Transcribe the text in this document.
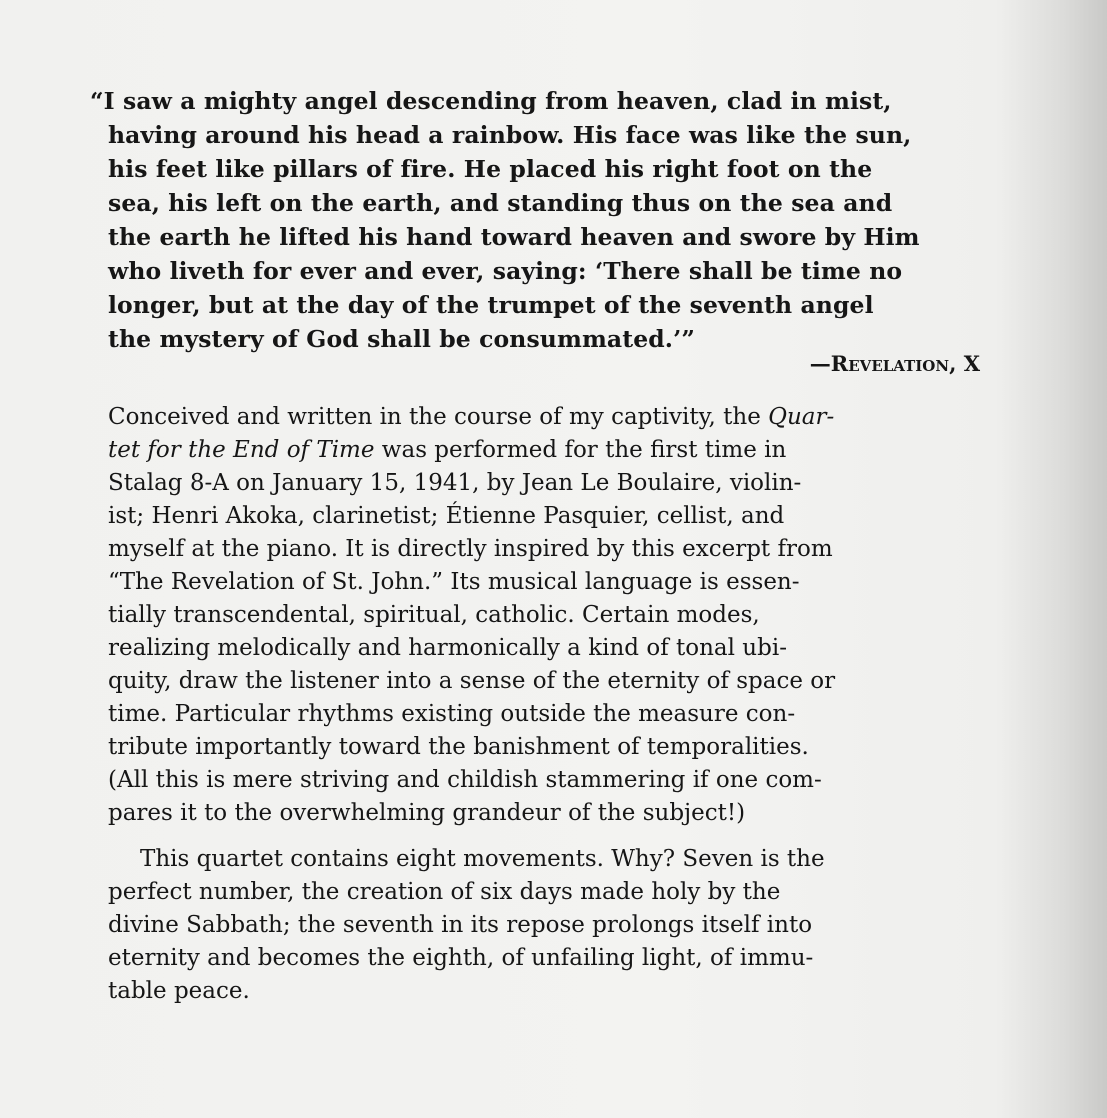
“I saw a mighty angel descending from heaven, clad in mist,
having around his head a rainbow. His face was like the sun,
his feet like pillars of fire. He placed his right foot on the
sea, his left on the earth, and standing thus on the sea and
the earth he lifted his hand toward heaven and swore by Him
who liveth for ever and ever, saying: ‘There shall be time no
longer, but at the day of the trumpet of the seventh angel
the mystery of God shall be consummated.’”
—Revelation, X
Conceived and written in the course of my captivity, the Quar-
tet for the End of Time was performed for the first time in
Stalag 8-A on January 15, 1941, by Jean Le Boulaire, violin-
ist; Henri Akoka, clarinetist; Étienne Pasquier, cellist, and
myself at the piano. It is directly inspired by this excerpt from
“The Revelation of St. John.” Its musical language is essen-
tially transcendental, spiritual, catholic. Certain modes,
realizing melodically and harmonically a kind of tonal ubi-
quity, draw the listener into a sense of the eternity of space or
time. Particular rhythms existing outside the measure con-
tribute importantly toward the banishment of temporalities.
(All this is mere striving and childish stammering if one com-
pares it to the overwhelming grandeur of the subject!)
This quartet contains eight movements. Why? Seven is the
perfect number, the creation of six days made holy by the
divine Sabbath; the seventh in its repose prolongs itself into
eternity and becomes the eighth, of unfailing light, of immu-
table peace.
